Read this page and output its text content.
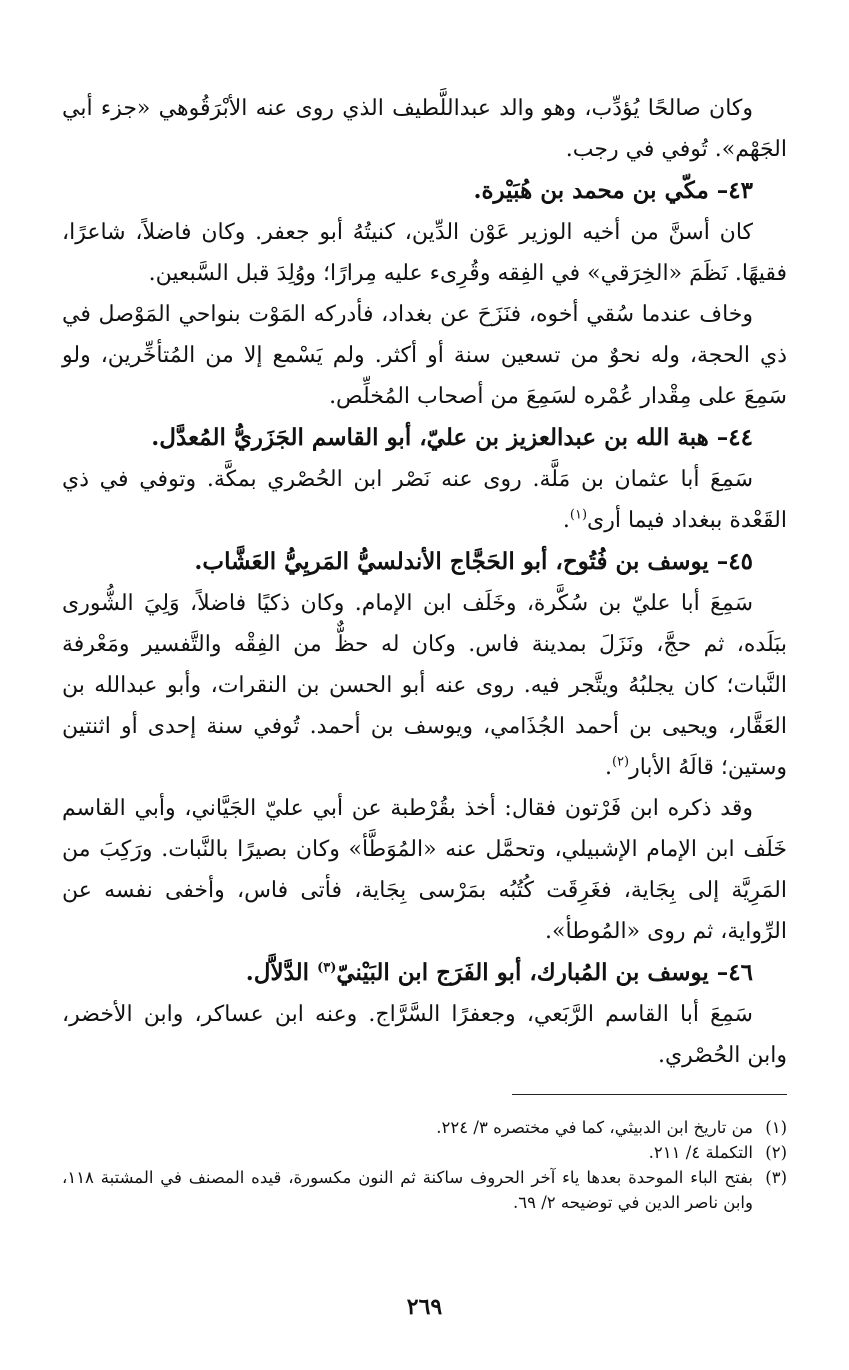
وكان صالحًا يُؤدِّب، وهو والد عبداللَّطيف الذي روى عنه الأبْرَقُوهي «جزء أبي الجَهْم». تُوفي في رجب.

٤٣– مكّي بن محمد بن هُبَيْرة.

كان أسنَّ من أخيه الوزير عَوْن الدِّين، كنيتُهُ أبو جعفر. وكان فاضلاً، شاعرًا، فقيهًا. نَظَمَ «الخِرَقي» في الفِقه وقُرِىء عليه مِرارًا؛ ووُلِدَ قبل السَّبعين.

وخاف عندما سُقي أخوه، فنَزَحَ عن بغداد، فأدركه المَوْت بنواحي المَوْصل في ذي الحجة، وله نحوٌ من تسعين سنة أو أكثر. ولم يَسْمع إلا من المُتأخِّرين، ولو سَمِعَ على مِقْدار عُمْره لسَمِعَ من أصحاب المُخلِّص.

٤٤– هبة الله بن عبدالعزيز بن عليّ، أبو القاسم الجَزَريُّ المُعدَّل.

سَمِعَ أبا عثمان بن مَلَّة. روى عنه نَصْر ابن الحُصْري بمكَّة. وتوفي في ذي القَعْدة ببغداد فيما أرى$^{(١)}$.

٤٥– يوسف بن فُتُوح، أبو الحَجَّاج الأندلسيُّ المَريِيُّ العَشَّاب.

سَمِعَ أبا عليّ بن سُكَّرة، وخَلَف ابن الإمام. وكان ذكيًا فاضلاً، وَلِيَ الشُّورى ببَلَده، ثم حجَّ، ونَزَلَ بمدينة فاس. وكان له حظٌّ من الفِقْه والتَّفسير ومَعْرفة النَّبات؛ كان يجلبُهُ ويتَّجر فيه. روى عنه أبو الحسن بن النقرات، وأبو عبدالله بن العَقَّار، ويحيى بن أحمد الجُذَامي، ويوسف بن أحمد. تُوفي سنة إحدى أو اثنتين وستين؛ قالَهُ الأبار$^{(٢)}$.

وقد ذكره ابن فَرْتون فقال: أخذ بقُرْطبة عن أبي عليّ الجَيَّاني، وأبي القاسم خَلَف ابن الإمام الإشبيلي، وتحمَّل عنه «المُوَطَّأ» وكان بصيرًا بالنَّبات. ورَكِبَ من المَرِيَّة إلى بِجَاية، فغَرِقَت كُتُبُه بمَرْسى بِجَاية، فأتى فاس، وأخفى نفسه عن الرِّواية، ثم روى «المُوطأ».

٤٦– يوسف بن المُبارك، أبو الفَرَج ابن البَيْنيّ$^{(٣)}$ الدَّلاَّل.

سَمِعَ أبا القاسم الرَّبَعي، وجعفرًا السَّرَّاج. وعنه ابن عساكر، وابن الأخضر، وابن الحُصْري.

(١)
من تاريخ ابن الدبيثي، كما في مختصره ٣/ ٢٢٤.
(٢)
التكملة ٤/ ٢١١.
(٣)
بفتح الباء الموحدة بعدها ياء آخر الحروف ساكنة ثم النون مكسورة، قيده المصنف في المشتبة ١١٨، وابن ناصر الدين في توضيحه ٢/ ٦٩.
٢٦٩
